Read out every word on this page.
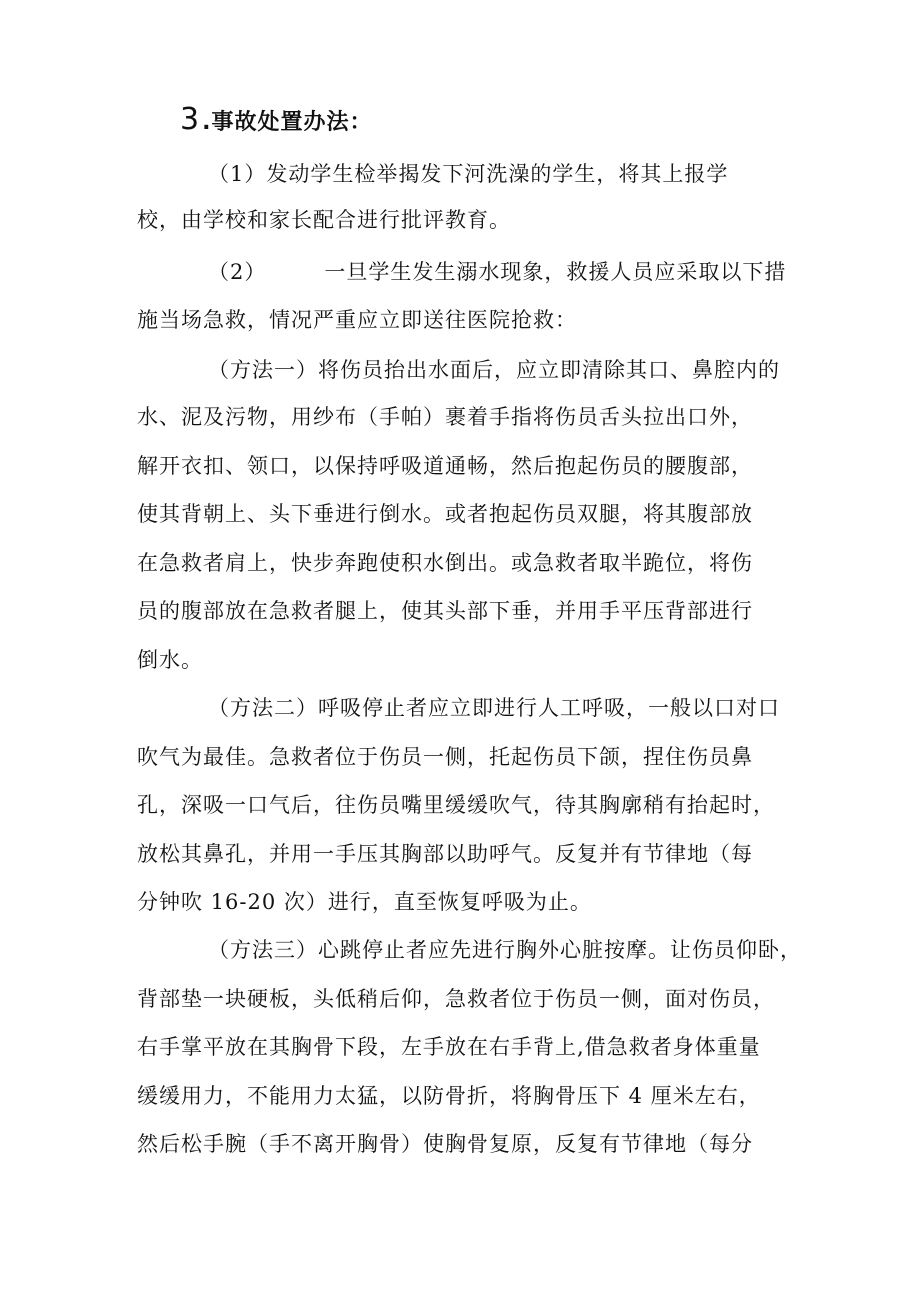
3.事故处置办法：
（1）发动学生检举揭发下河洗澡的学生，将其上报学
校，由学校和家长配合进行批评教育。
（2）	一旦学生发生溺水现象，救援人员应采取以下措
施当场急救，情况严重应立即送往医院抢救：
（方法一）将伤员抬出水面后，应立即清除其口、鼻腔内的
水、泥及污物，用纱布（手帕）裹着手指将伤员舌头拉出口外，
解开衣扣、领口，以保持呼吸道通畅，然后抱起伤员的腰腹部，
使其背朝上、头下垂进行倒水。或者抱起伤员双腿，将其腹部放
在急救者肩上，快步奔跑使积水倒出。或急救者取半跪位，将伤
员的腹部放在急救者腿上，使其头部下垂，并用手平压背部进行
倒水。
（方法二）呼吸停止者应立即进行人工呼吸，一般以口对口
吹气为最佳。急救者位于伤员一侧，托起伤员下颌，捏住伤员鼻
孔，深吸一口气后，往伤员嘴里缓缓吹气，待其胸廓稍有抬起时，
放松其鼻孔，并用一手压其胸部以助呼气。反复并有节律地（每
分钟吹 16-20 次）进行，直至恢复呼吸为止。
（方法三）心跳停止者应先进行胸外心脏按摩。让伤员仰卧，
背部垫一块硬板，头低稍后仰，急救者位于伤员一侧，面对伤员，
右手掌平放在其胸骨下段，左手放在右手背上,借急救者身体重量
缓缓用力，不能用力太猛，以防骨折，将胸骨压下 4 厘米左右，
然后松手腕（手不离开胸骨）使胸骨复原，反复有节律地（每分
